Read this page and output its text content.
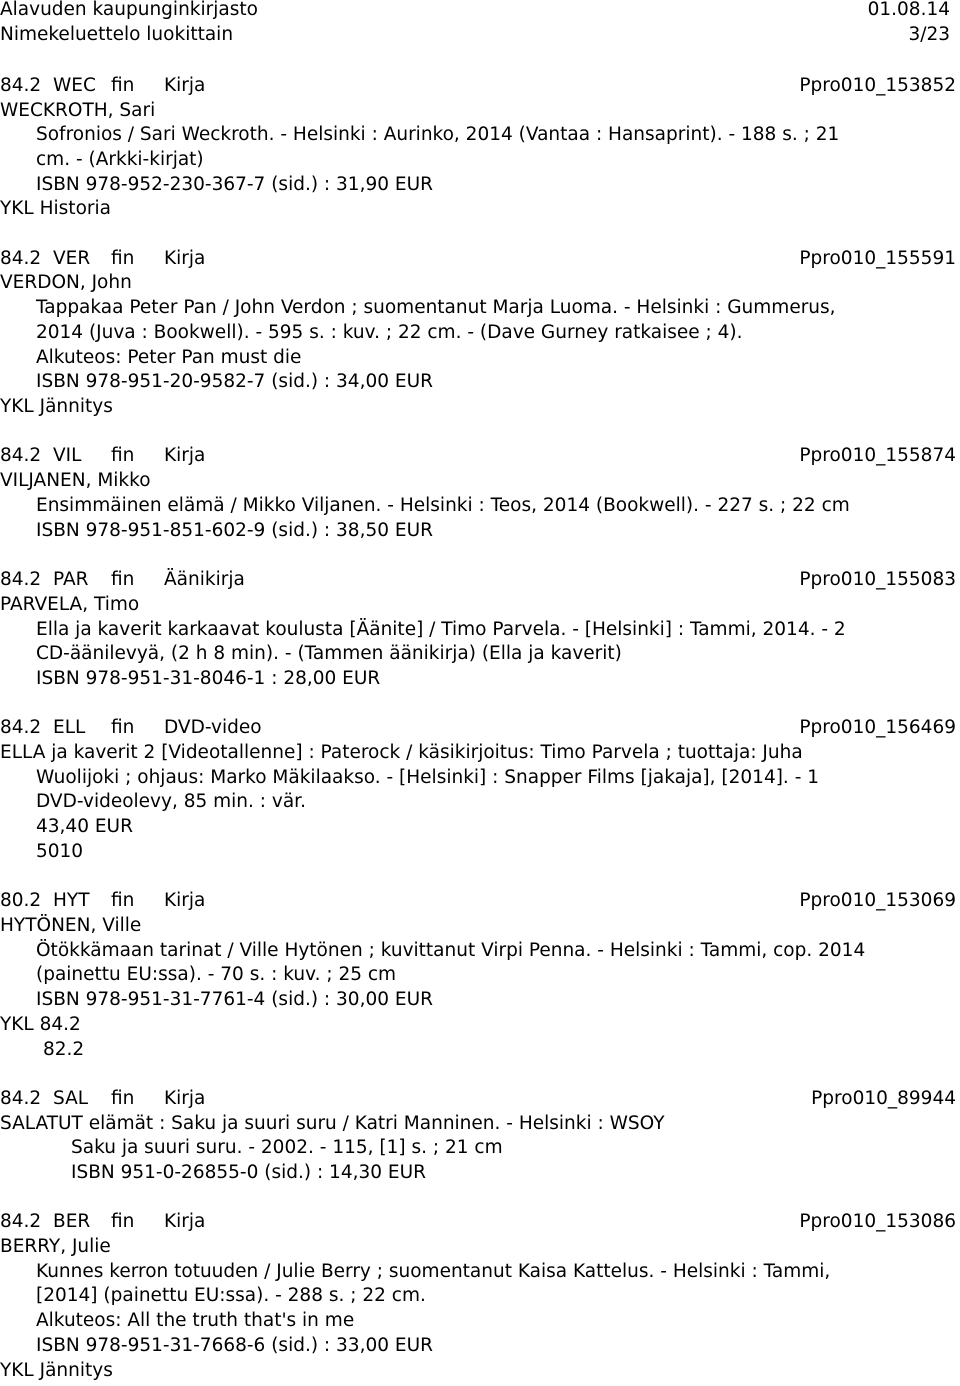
Alavuden kaupunginkirjasto	01.08.14
Nimekeluettelo luokittain	3/23
84.2 WEC fin Kirja	Ppro010_153852
WECKROTH, Sari
Sofronios / Sari Weckroth. - Helsinki : Aurinko, 2014 (Vantaa : Hansaprint). - 188 s. ; 21
cm. - (Arkki-kirjat)
ISBN 978-952-230-367-7 (sid.) : 31,90 EUR
YKL Historia
84.2 VER fin Kirja	Ppro010_155591
VERDON, John
Tappakaa Peter Pan / John Verdon ; suomentanut Marja Luoma. - Helsinki : Gummerus,
2014 (Juva : Bookwell). - 595 s. : kuv. ; 22 cm. - (Dave Gurney ratkaisee ; 4).
Alkuteos: Peter Pan must die
ISBN 978-951-20-9582-7 (sid.) : 34,00 EUR
YKL Jännitys
84.2 VIL fin Kirja	Ppro010_155874
VILJANEN, Mikko
Ensimmäinen elämä / Mikko Viljanen. - Helsinki : Teos, 2014 (Bookwell). - 227 s. ; 22 cm
ISBN 978-951-851-602-9 (sid.) : 38,50 EUR
84.2 PAR fin Äänikirja	Ppro010_155083
PARVELA, Timo
Ella ja kaverit karkaavat koulusta [Äänite] / Timo Parvela. - [Helsinki] : Tammi, 2014. - 2
CD-äänilevyä, (2 h 8 min). - (Tammen äänikirja) (Ella ja kaverit)
ISBN 978-951-31-8046-1 : 28,00 EUR
84.2 ELL fin DVD-video	Ppro010_156469
ELLA ja kaverit 2 [Videotallenne] : Paterock / käsikirjoitus: Timo Parvela ; tuottaja: Juha
Wuolijoki ; ohjaus: Marko Mäkilaakso. - [Helsinki] : Snapper Films [jakaja], [2014]. - 1
DVD-videolevy, 85 min. : vär.
43,40 EUR
5010
80.2 HYT fin Kirja	Ppro010_153069
HYTÖNEN, Ville
Ötökkämaan tarinat / Ville Hytönen ; kuvittanut Virpi Penna. - Helsinki : Tammi, cop. 2014
(painettu EU:ssa). - 70 s. : kuv. ; 25 cm
ISBN 978-951-31-7761-4 (sid.) : 30,00 EUR
YKL 84.2
82.2
84.2 SAL fin Kirja	Ppro010_89944
SALATUT elämät : Saku ja suuri suru / Katri Manninen. - Helsinki : WSOY
Saku ja suuri suru. - 2002. - 115, [1] s. ; 21 cm
ISBN 951-0-26855-0 (sid.) : 14,30 EUR
84.2 BER fin Kirja	Ppro010_153086
BERRY, Julie
Kunnes kerron totuuden / Julie Berry ; suomentanut Kaisa Kattelus. - Helsinki : Tammi,
[2014] (painettu EU:ssa). - 288 s. ; 22 cm.
Alkuteos: All the truth that's in me
ISBN 978-951-31-7668-6 (sid.) : 33,00 EUR
YKL Jännitys
